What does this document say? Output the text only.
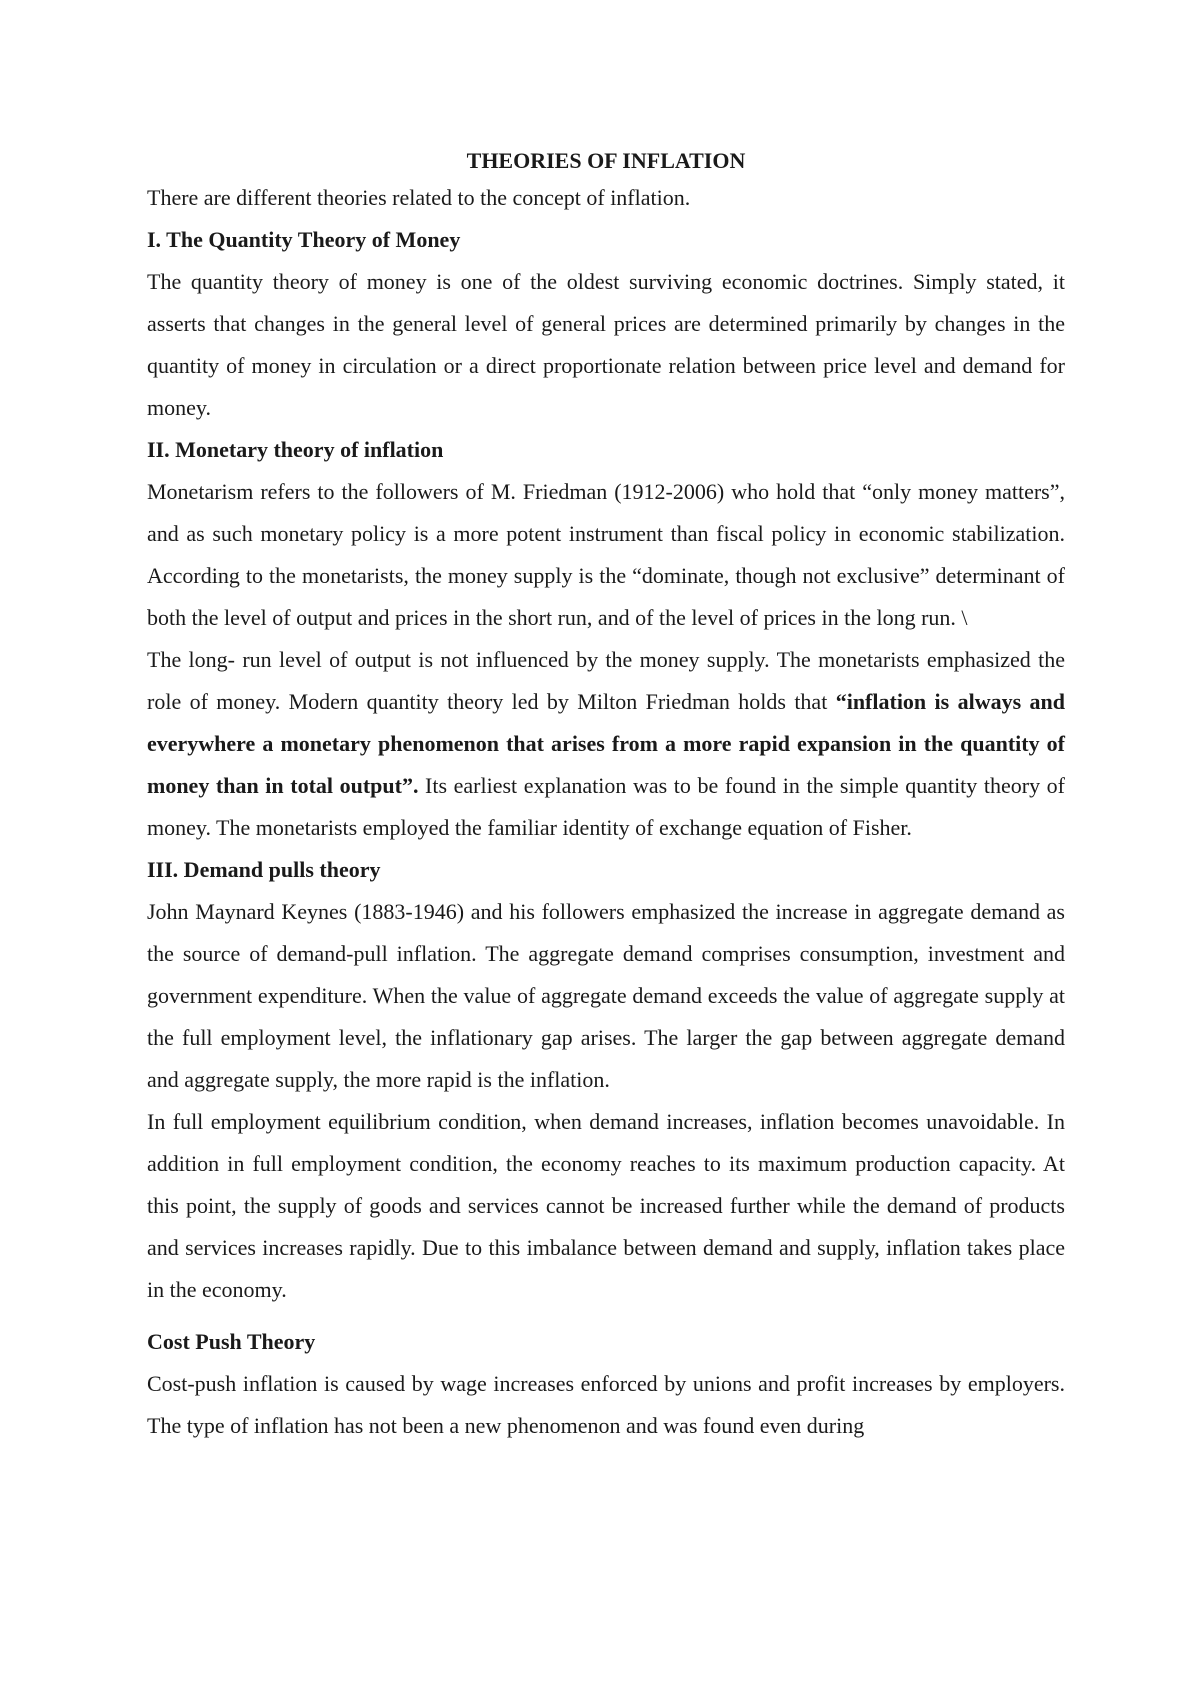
THEORIES OF INFLATION

There are different theories related to the concept of inflation.

I. The Quantity Theory of Money

The quantity theory of money is one of the oldest surviving economic doctrines. Simply stated, it asserts that changes in the general level of general prices are determined primarily by changes in the quantity of money in circulation or a direct proportionate relation between price level and demand for money.

II. Monetary theory of inflation

Monetarism refers to the followers of M. Friedman (1912-2006) who hold that “only money matters”, and as such monetary policy is a more potent instrument than fiscal policy in economic stabilization. According to the monetarists, the money supply is the “dominate, though not exclusive” determinant of both the level of output and prices in the short run, and of the level of prices in the long run. \

The long- run level of output is not influenced by the money supply. The monetarists emphasized the role of money. Modern quantity theory led by Milton Friedman holds that “inflation is always and everywhere a monetary phenomenon that arises from a more rapid expansion in the quantity of money than in total output”. Its earliest explanation was to be found in the simple quantity theory of money. The monetarists employed the familiar identity of exchange equation of Fisher.

III. Demand pulls theory

John Maynard Keynes (1883-1946) and his followers emphasized the increase in aggregate demand as the source of demand-pull inflation. The aggregate demand comprises consumption, investment and government expenditure. When the value of aggregate demand exceeds the value of aggregate supply at the full employment level, the inflationary gap arises. The larger the gap between aggregate demand and aggregate supply, the more rapid is the inflation.

In full employment equilibrium condition, when demand increases, inflation becomes unavoidable. In addition in full employment condition, the economy reaches to its maximum production capacity. At this point, the supply of goods and services cannot be increased further while the demand of products and services increases rapidly. Due to this imbalance between demand and supply, inflation takes place in the economy.

Cost Push Theory

Cost-push inflation is caused by wage increases enforced by unions and profit increases by employers. The type of inflation has not been a new phenomenon and was found even during
